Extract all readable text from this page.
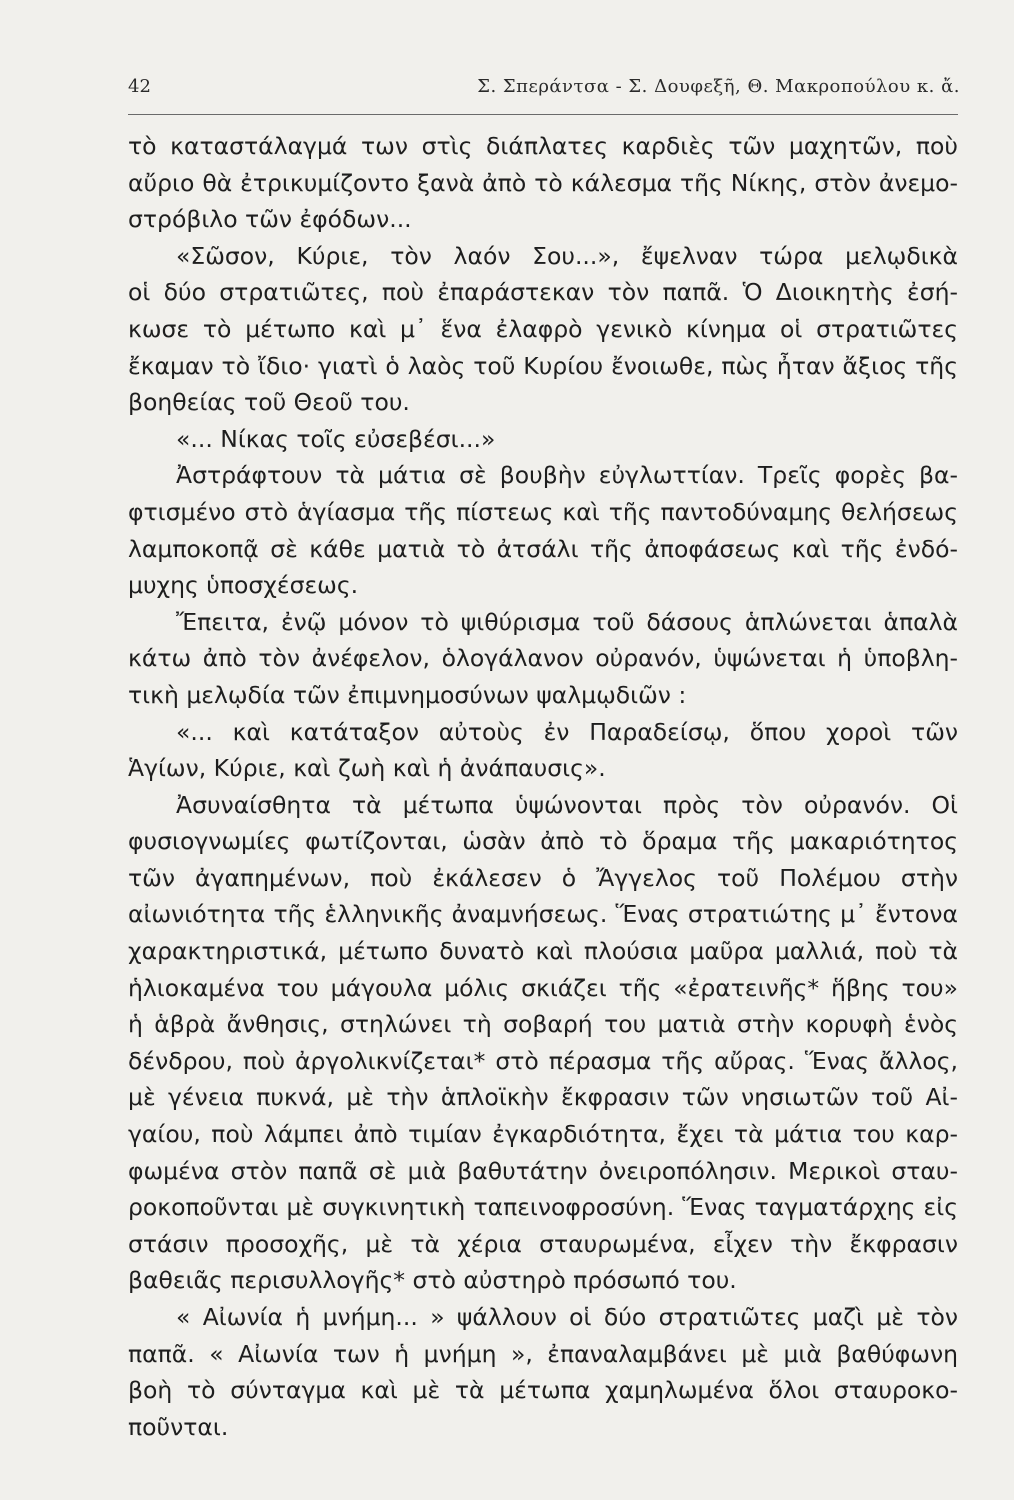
42	Σ. Σπεράντσα - Σ. Δουφεξῆ, Θ. Μακροπούλου κ. ἄ.
τὸ καταστάλαγμά των στὶς διάπλατες καρδιὲς τῶν μαχητῶν, ποὺ
αὔριο θὰ ἐτρικυμίζοντο ξανὰ ἀπὸ τὸ κάλεσμα τῆς Νίκης, στὸν ἀνεμο-
στρόβιλο τῶν ἐφόδων...
«Σῶσον, Κύριε, τὸν λαόν Σου...», ἔψελναν τώρα μελῳδικὰ
οἱ δύο στρατιῶτες, ποὺ ἐπαράστεκαν τὸν παπᾶ. Ὁ Διοικητὴς ἐσή-
κωσε τὸ μέτωπο καὶ μ᾽ ἕνα ἐλαφρὸ γενικὸ κίνημα οἱ στρατιῶτες
ἔκαμαν τὸ ἴδιο· γιατὶ ὁ λαὸς τοῦ Κυρίου ἔνοιωθε, πὼς ἦταν ἄξιος τῆς
βοηθείας τοῦ Θεοῦ του.
«... Νίκας τοῖς εὐσεβέσι...»
Ἀστράφτουν τὰ μάτια σὲ βουβὴν εὐγλωττίαν. Τρεῖς φορὲς βα-
φτισμένο στὸ ἁγίασμα τῆς πίστεως καὶ τῆς παντοδύναμης θελήσεως
λαμποκοπᾷ σὲ κάθε ματιὰ τὸ ἀτσάλι τῆς ἀποφάσεως καὶ τῆς ἐνδό-
μυχης ὑποσχέσεως.
Ἔπειτα, ἐνῷ μόνον τὸ ψιθύρισμα τοῦ δάσους ἁπλώνεται ἁπαλὰ
κάτω ἀπὸ τὸν ἀνέφελον, ὁλογάλανον οὐρανόν, ὑψώνεται ἡ ὑποβλη-
τικὴ μελῳδία τῶν ἐπιμνημοσύνων ψαλμῳδιῶν :
«... καὶ κατάταξον αὐτοὺς ἐν Παραδείσῳ, ὅπου χοροὶ τῶν
Ἁγίων, Κύριε, καὶ ζωὴ καὶ ἡ ἀνάπαυσις».
Ἀσυναίσθητα τὰ μέτωπα ὑψώνονται πρὸς τὸν οὐρανόν. Οἱ
φυσιογνωμίες φωτίζονται, ὡσὰν ἀπὸ τὸ ὅραμα τῆς μακαριότητος
τῶν ἀγαπημένων, ποὺ ἐκάλεσεν ὁ Ἄγγελος τοῦ Πολέμου στὴν
αἰωνιότητα τῆς ἑλληνικῆς ἀναμνήσεως. Ἕνας στρατιώτης μ᾽ ἔντονα
χαρακτηριστικά, μέτωπο δυνατὸ καὶ πλούσια μαῦρα μαλλιά, ποὺ τὰ
ἡλιοκαμένα του μάγουλα μόλις σκιάζει τῆς «ἐρατεινῆς* ἥβης του»
ἡ ἁβρὰ ἄνθησις, στηλώνει τὴ σοβαρή του ματιὰ στὴν κορυφὴ ἑνὸς
δένδρου, ποὺ ἀργολικνίζεται* στὸ πέρασμα τῆς αὔρας. Ἕνας ἄλλος,
μὲ γένεια πυκνά, μὲ τὴν ἁπλοϊκὴν ἔκφρασιν τῶν νησιωτῶν τοῦ Αἰ-
γαίου, ποὺ λάμπει ἀπὸ τιμίαν ἐγκαρδιότητα, ἔχει τὰ μάτια του καρ-
φωμένα στὸν παπᾶ σὲ μιὰ βαθυτάτην ὀνειροπόλησιν. Μερικοὶ σταυ-
ροκοποῦνται μὲ συγκινητικὴ ταπεινοφροσύνη. Ἕνας ταγματάρχης εἰς
στάσιν προσοχῆς, μὲ τὰ χέρια σταυρωμένα, εἶχεν τὴν ἔκφρασιν
βαθειᾶς περισυλλογῆς* στὸ αὐστηρὸ πρόσωπό του.
« Αἰωνία ἡ μνήμη... » ψάλλουν οἱ δύο στρατιῶτες μαζὶ μὲ τὸν
παπᾶ. « Αἰωνία των ἡ μνήμη », ἐπαναλαμβάνει μὲ μιὰ βαθύφωνη
βοὴ τὸ σύνταγμα καὶ μὲ τὰ μέτωπα χαμηλωμένα ὅλοι σταυροκο-
ποῦνται.
